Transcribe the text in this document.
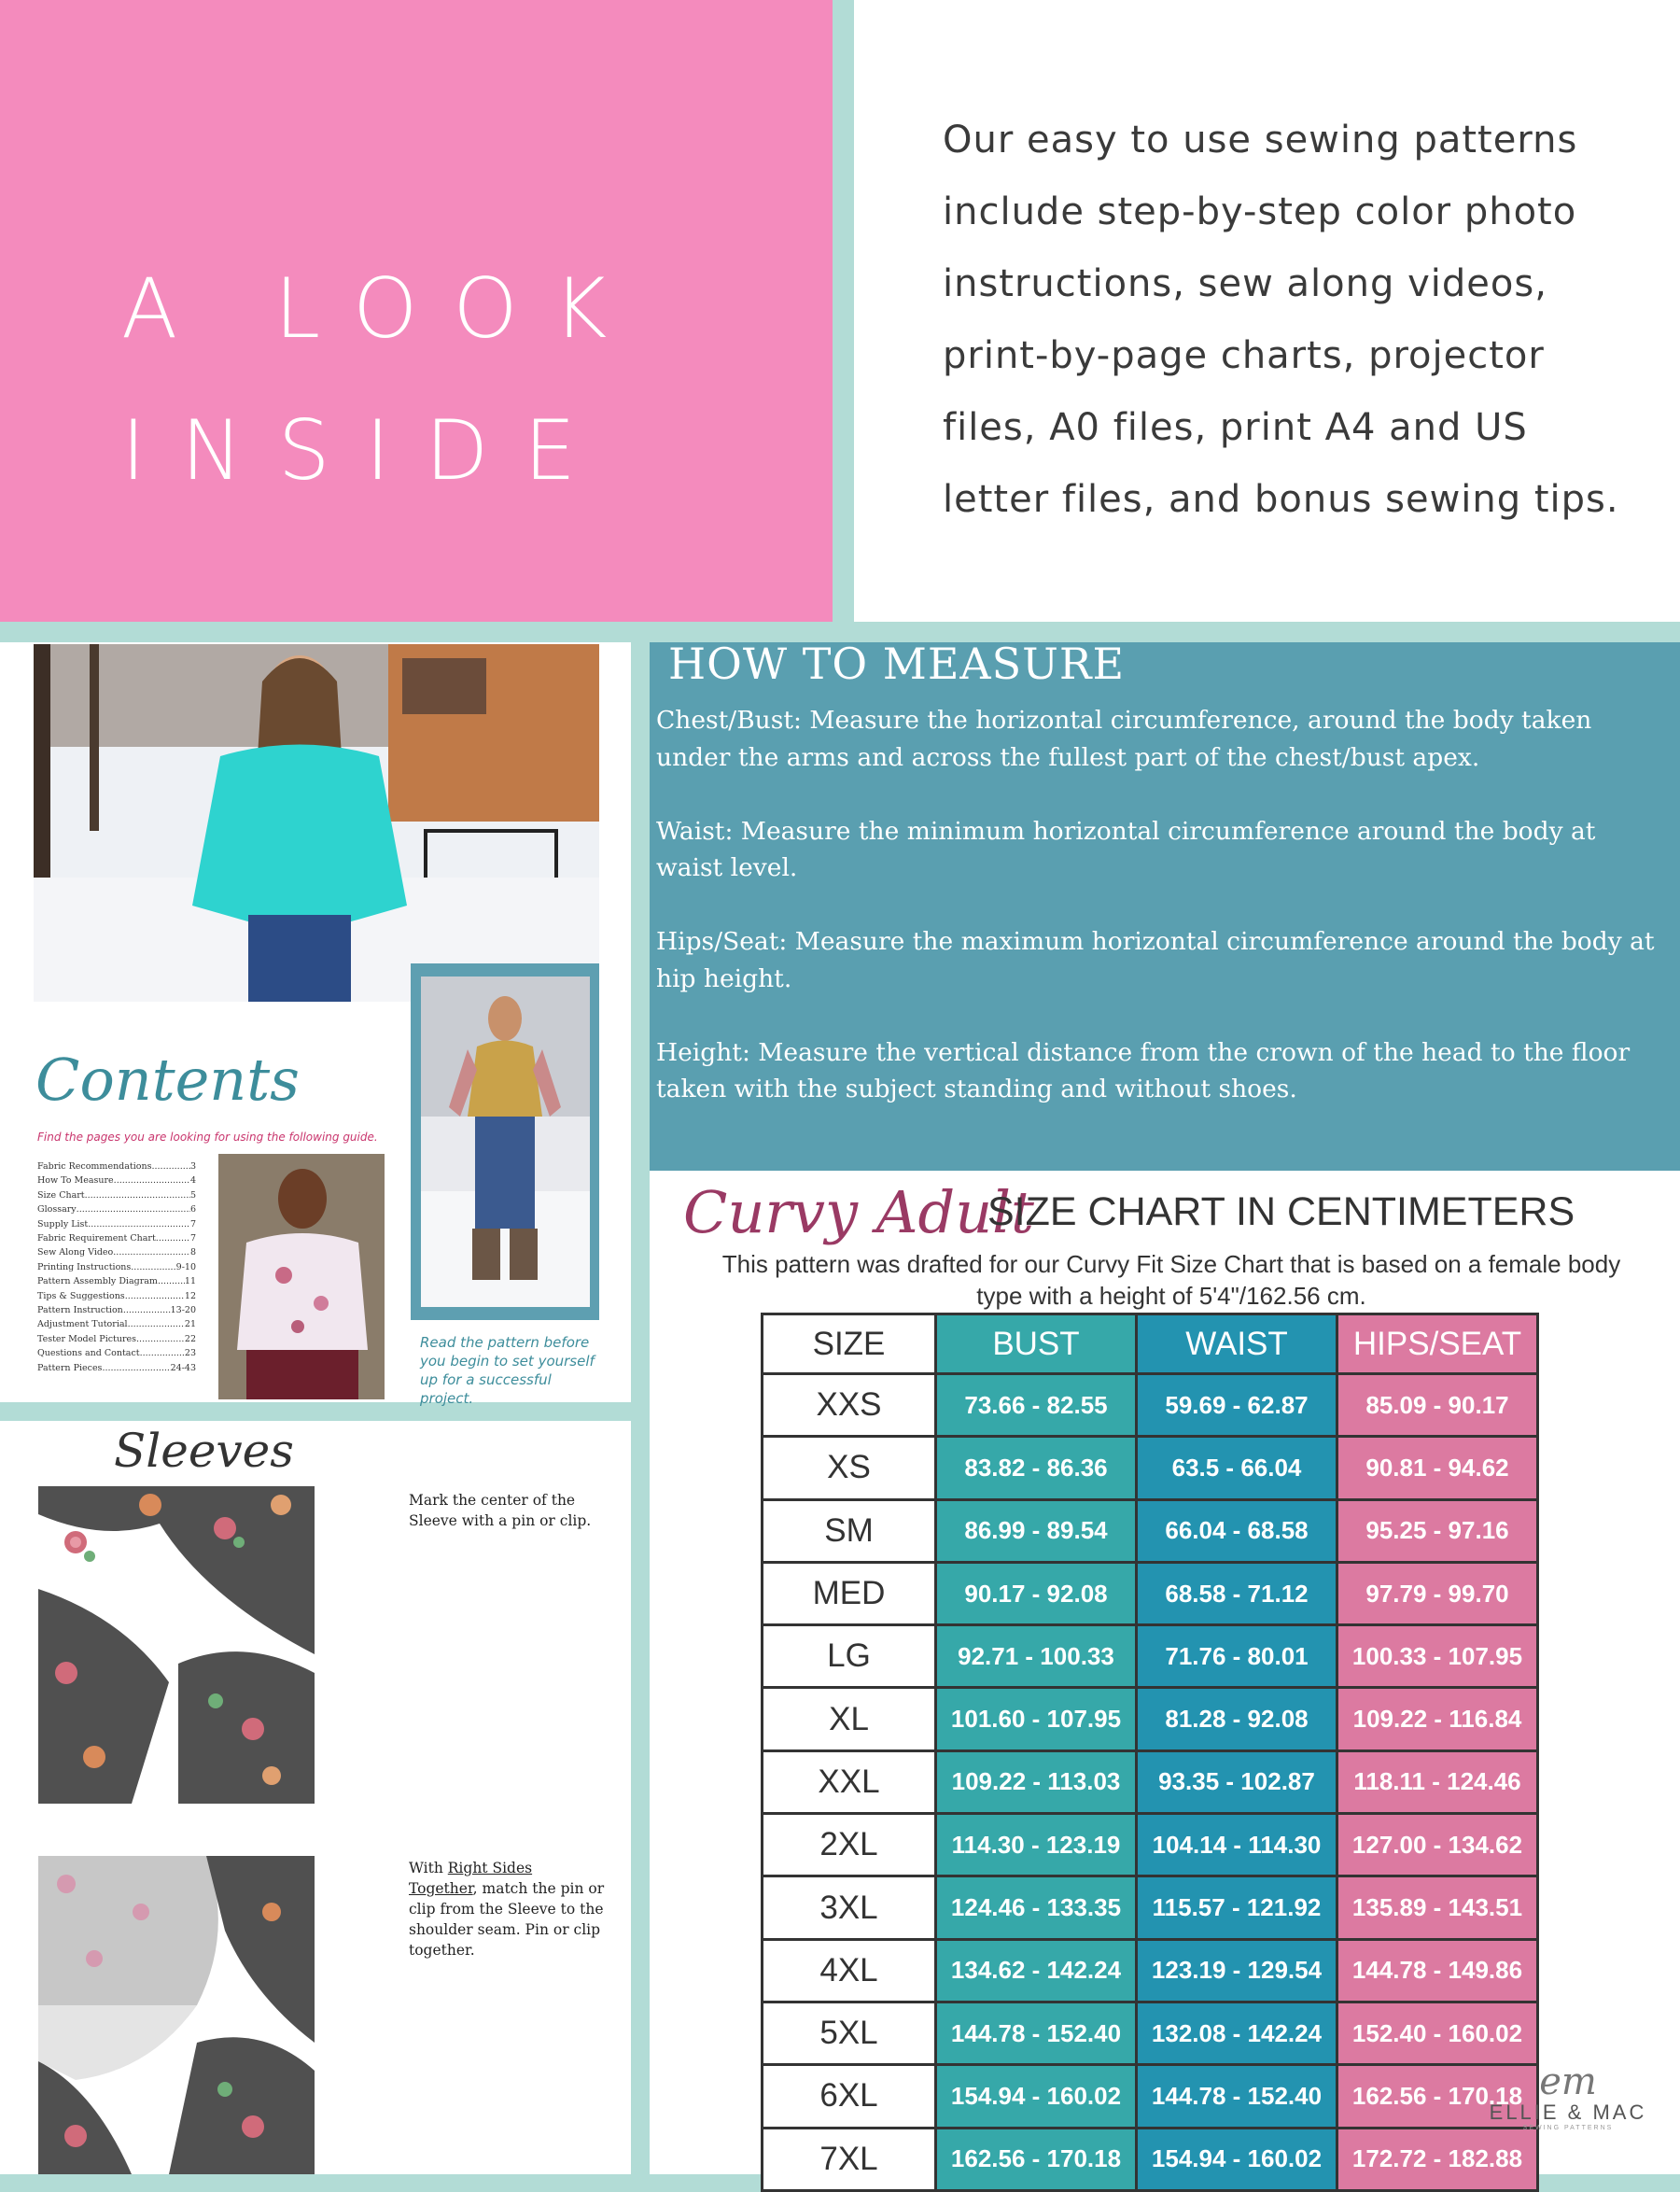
A LOOK
INSIDE
Our easy to use sewing patterns include step-by-step color photo instructions, sew along videos, print-by-page charts, projector files, A0 files, print A4 and US letter files, and bonus sewing tips.
Contents
Find the pages you are looking for using the following guide.
Fabric Recommendations .....	3
How To Measure .....	4
Size Chart .....	5
Glossary .....	6
Supply List .....	7
Fabric Requirement Chart .....	7
Sew Along Video .....	8
Printing Instructions .....	9-10
Pattern Assembly Diagram .....	11
Tips & Suggestions .....	12
Pattern Instruction .....	13-20
Adjustment Tutorial .....	21
Tester Model Pictures .....	22
Questions and Contact .....	23
Pattern Pieces .....	24-43
Read the pattern before you begin to set yourself up for a successful project.
Sleeves
Mark the center of the Sleeve with a pin or clip.
With Right Sides Together, match the pin or clip from the Sleeve to the shoulder seam. Pin or clip together.
HOW TO MEASURE

Chest/Bust: Measure the horizontal circumference, around the body taken under the arms and across the fullest part of the chest/bust apex.

Waist: Measure the minimum horizontal circumference around the body at waist level.

Hips/Seat: Measure the maximum horizontal circumference around the body at hip height.

Height: Measure the vertical distance from the crown of the head to the floor taken with the subject standing and without shoes.

Curvy Adult
SIZE CHART IN CENTIMETERS
This pattern was drafted for our Curvy Fit Size Chart that is based on a female body type with a height of 5'4"/162.56 cm.
SIZE	BUST	WAIST	HIPS/SEAT
XXS	73.66 - 82.55	59.69 - 62.87	85.09 - 90.17
XS	83.82 - 86.36	63.5 - 66.04	90.81 - 94.62
SM	86.99 - 89.54	66.04 - 68.58	95.25 - 97.16
MED	90.17 - 92.08	68.58 - 71.12	97.79 - 99.70
LG	92.71 - 100.33	71.76 - 80.01	100.33 - 107.95
XL	101.60 - 107.95	81.28 - 92.08	109.22 - 116.84
XXL	109.22 - 113.03	93.35 - 102.87	118.11 - 124.46
2XL	114.30 - 123.19	104.14 - 114.30	127.00 - 134.62
3XL	124.46 - 133.35	115.57 - 121.92	135.89 - 143.51
4XL	134.62 - 142.24	123.19 - 129.54	144.78 - 149.86
5XL	144.78 - 152.40	132.08 - 142.24	152.40 - 160.02
6XL	154.94 - 160.02	144.78 - 152.40	162.56 - 170.18
7XL	162.56 - 170.18	154.94 - 160.02	172.72 - 182.88
em
ELLIE & MAC
SEWING PATTERNS
